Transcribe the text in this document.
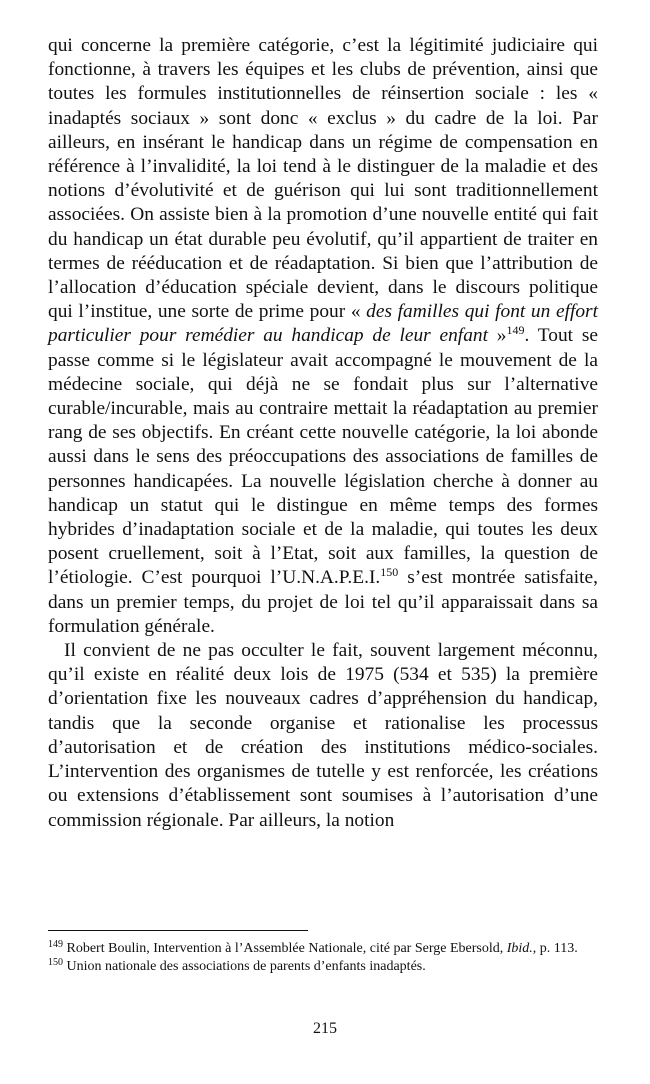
qui concerne la première catégorie, c’est la légitimité judiciaire qui fonctionne, à travers les équipes et les clubs de prévention, ainsi que toutes les formules institutionnelles de réinsertion sociale : les « inadaptés sociaux » sont donc « exclus » du cadre de la loi. Par ailleurs, en insérant le handicap dans un régime de compensation en référence à l’invalidité, la loi tend à le distinguer de la maladie et des notions d’évolutivité et de guérison qui lui sont traditionnellement associées. On assiste bien à la promotion d’une nouvelle entité qui fait du handicap un état durable peu évolutif, qu’il appartient de traiter en termes de rééducation et de réadaptation. Si bien que l’attribution de l’allocation d’éducation spéciale devient, dans le discours politique qui l’institue, une sorte de prime pour « des familles qui font un effort particulier pour remédier au handicap de leur enfant »$^{149}$. Tout se passe comme si le législateur avait accompagné le mouvement de la médecine sociale, qui déjà ne se fondait plus sur l’alternative curable/incurable, mais au contraire mettait la réadaptation au premier rang de ses objectifs. En créant cette nouvelle catégorie, la loi abonde aussi dans le sens des préoccupations des associations de familles de personnes handicapées. La nouvelle législation cherche à donner au handicap un statut qui le distingue en même temps des formes hybrides d’inadaptation sociale et de la maladie, qui toutes les deux posent cruellement, soit à l’Etat, soit aux familles, la question de l’étiologie. C’est pourquoi l’U.N.A.P.E.I.$^{150}$ s’est montrée satisfaite, dans un premier temps, du projet de loi tel qu’il apparaissait dans sa formulation générale.

Il convient de ne pas occulter le fait, souvent largement méconnu, qu’il existe en réalité deux lois de 1975 (534 et 535) la première d’orientation fixe les nouveaux cadres d’appréhension du handicap, tandis que la seconde organise et rationalise les processus d’autorisation et de création des institutions médico-sociales. L’intervention des organismes de tutelle y est renforcée, les créations ou extensions d’établissement sont soumises à l’autorisation d’une commission régionale. Par ailleurs, la notion

$^{149}$ Robert Boulin, Intervention à l’Assemblée Nationale, cité par Serge Ebersold, Ibid., p. 113.

$^{150}$ Union nationale des associations de parents d’enfants inadaptés.

215
